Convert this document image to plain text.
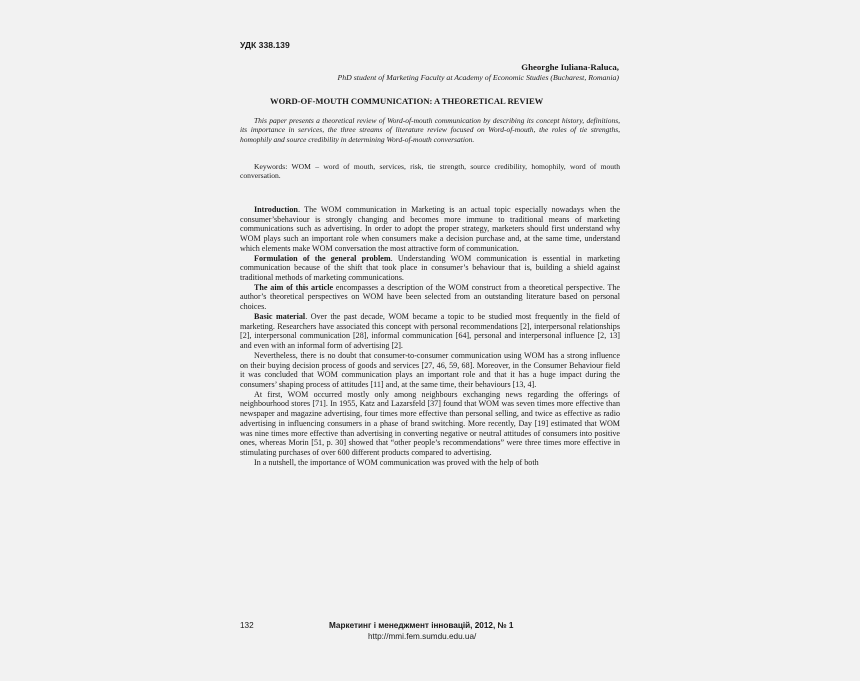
УДК 338.139
Gheorghe Iuliana-Raluca,
PhD student of Marketing Faculty at Academy of Economic Studies (Bucharest, Romania)
WORD-OF-MOUTH COMMUNICATION: A THEORETICAL REVIEW

This paper presents a theoretical review of Word-of-mouth communication by describing its concept history, definitions, its importance in services, the three streams of literature review focused on Word-of-mouth, the roles of tie strengths, homophily and source credibility in determining Word-of-mouth conversation.

Keywords: WOM – word of mouth, services, risk, tie strength, source credibility, homophily, word of mouth conversation.

Introduction. The WOM communication in Marketing is an actual topic especially nowadays when the consumer’sbehaviour is strongly changing and becomes more immune to traditional means of marketing communications such as advertising. In order to adopt the proper strategy, marketers should first understand why WOM plays such an important role when consumers make a decision purchase and, at the same time, understand which elements make WOM conversation the most attractive form of communication.

Formulation of the general problem. Understanding WOM communication is essential in marketing communication because of the shift that took place in consumer’s behaviour that is, building a shield against traditional methods of marketing communications.

The aim of this article encompasses a description of the WOM construct from a theoretical perspective. The author’s theoretical perspectives on WOM have been selected from an outstanding literature based on personal choices.

Basic material. Over the past decade, WOM became a topic to be studied most frequently in the field of marketing. Researchers have associated this concept with personal recommendations [2], interpersonal relationships [2], interpersonal communication [28], informal communication [64], personal and interpersonal influence [2, 13] and even with an informal form of advertising [2].

Nevertheless, there is no doubt that consumer-to-consumer communication using WOM has a strong influence on their buying decision process of goods and services [27, 46, 59, 68]. Moreover, in the Consumer Behaviour field it was concluded that WOM communication plays an important role and that it has a huge impact during the consumers’ shaping process of attitudes [11] and, at the same time, their behaviours [13, 4].

At first, WOM occurred mostly only among neighbours exchanging news regarding the offerings of neighbourhood stores [71]. In 1955, Katz and Lazarsfeld [37] found that WOM was seven times more effective than newspaper and magazine advertising, four times more effective than personal selling, and twice as effective as radio advertising in influencing consumers in a phase of brand switching. More recently, Day [19] estimated that WOM was nine times more effective than advertising in converting negative or neutral attitudes of consumers into positive ones, whereas Morin [51, p. 30] showed that “other people’s recommendations” were three times more effective in stimulating purchases of over 600 different products compared to advertising.

In a nutshell, the importance of WOM communication was proved with the help of both

132	Маркетинг і менеджмент інновацій, 2012, № 1
http://mmi.fem.sumdu.edu.ua/
